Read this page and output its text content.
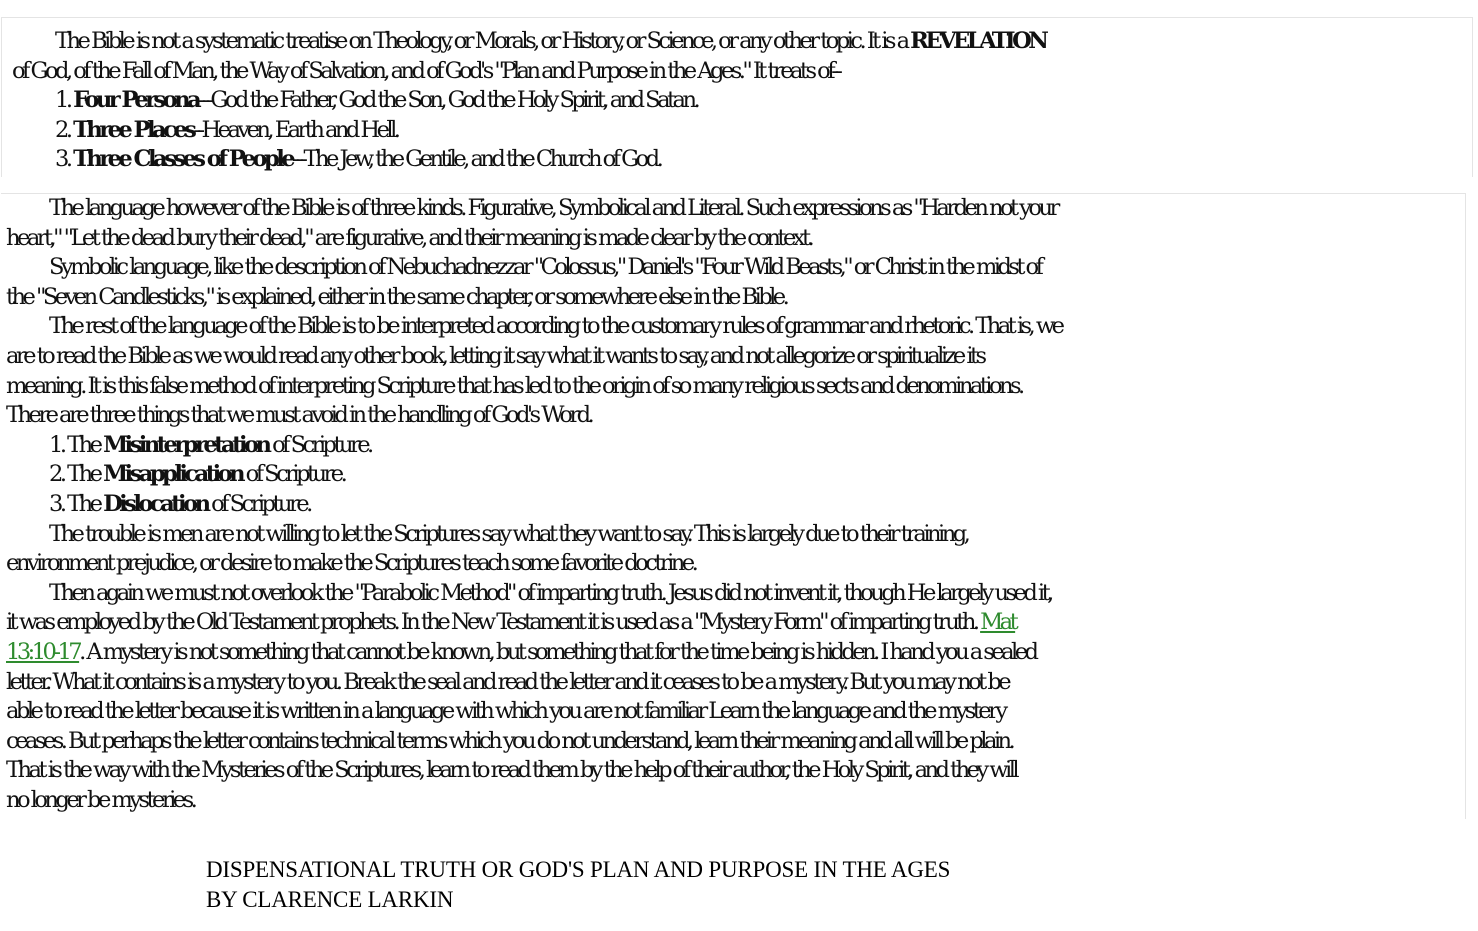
The Bible is not a systematic treatise on Theology, or Morals, or History, or Science, or any other topic. It is a REVELATION
of God, of the Fall of Man, the Way of Salvation, and of God's "Plan and Purpose in the Ages." It treats of--
1. Four Persona---God the Father, God the Son, God the Holy Spirit, and Satan.
2. Three Places--Heaven, Earth and Hell.
3. Three Classes of People---The Jew, the Gentile, and the Church of God.
The language however of the Bible is of three kinds. Figurative, Symbolical and Literal. Such expressions as "Harden not your
heart," "Let the dead bury their dead," are figurative, and their meaning is made clear by the context.
Symbolic language, like the description of Nebuchadnezzar "Colossus," Daniel's "Four Wild Beasts," or Christ in the midst of
the "Seven Candlesticks," is explained, either in the same chapter, or somewhere else in the Bible.
The rest of the language of the Bible is to be interpreted according to the customary rules of grammar and rhetoric. That is, we
are to read the Bible as we would read any other book, letting it say what it wants to say, and not allegorize or spiritualize its
meaning. It is this false method of interpreting Scripture that has led to the origin of so many religious sects and denominations.
There are three things that we must avoid in the handling of God's Word.
1. The Misinterpretation of Scripture.
2. The Misapplication of Scripture.
3. The Dislocation of Scripture.
The trouble is men are not willing to let the Scriptures say what they want to say. This is largely due to their training,
environment prejudice, or desire to make the Scriptures teach some favorite doctrine.
Then again we must not overlook the "Parabolic Method" of imparting truth. Jesus did not invent it, though He largely used it,
it was employed by the Old Testament prophets. In the New Testament it is used as a "Mystery Form" of imparting truth. Mat
13:10-17. A mystery is not something that cannot be known, but something that for the time being is hidden. I hand you a sealed
letter. What it contains is a mystery to you. Break the seal and read the letter and it ceases to be a mystery. But you may not be
able to read the letter because it is written in a language with which you are not familiar Learn the language and the mystery
ceases. But perhaps the letter contains technical terms which you do not understand, learn their meaning and all will be plain.
That is the way with the Mysteries of the Scriptures, learn to read them by the help of their author, the Holy Spirit, and they will
no longer be mysteries.
DISPENSATIONAL TRUTH OR GOD'S PLAN AND PURPOSE IN THE AGES
BY CLARENCE LARKIN
